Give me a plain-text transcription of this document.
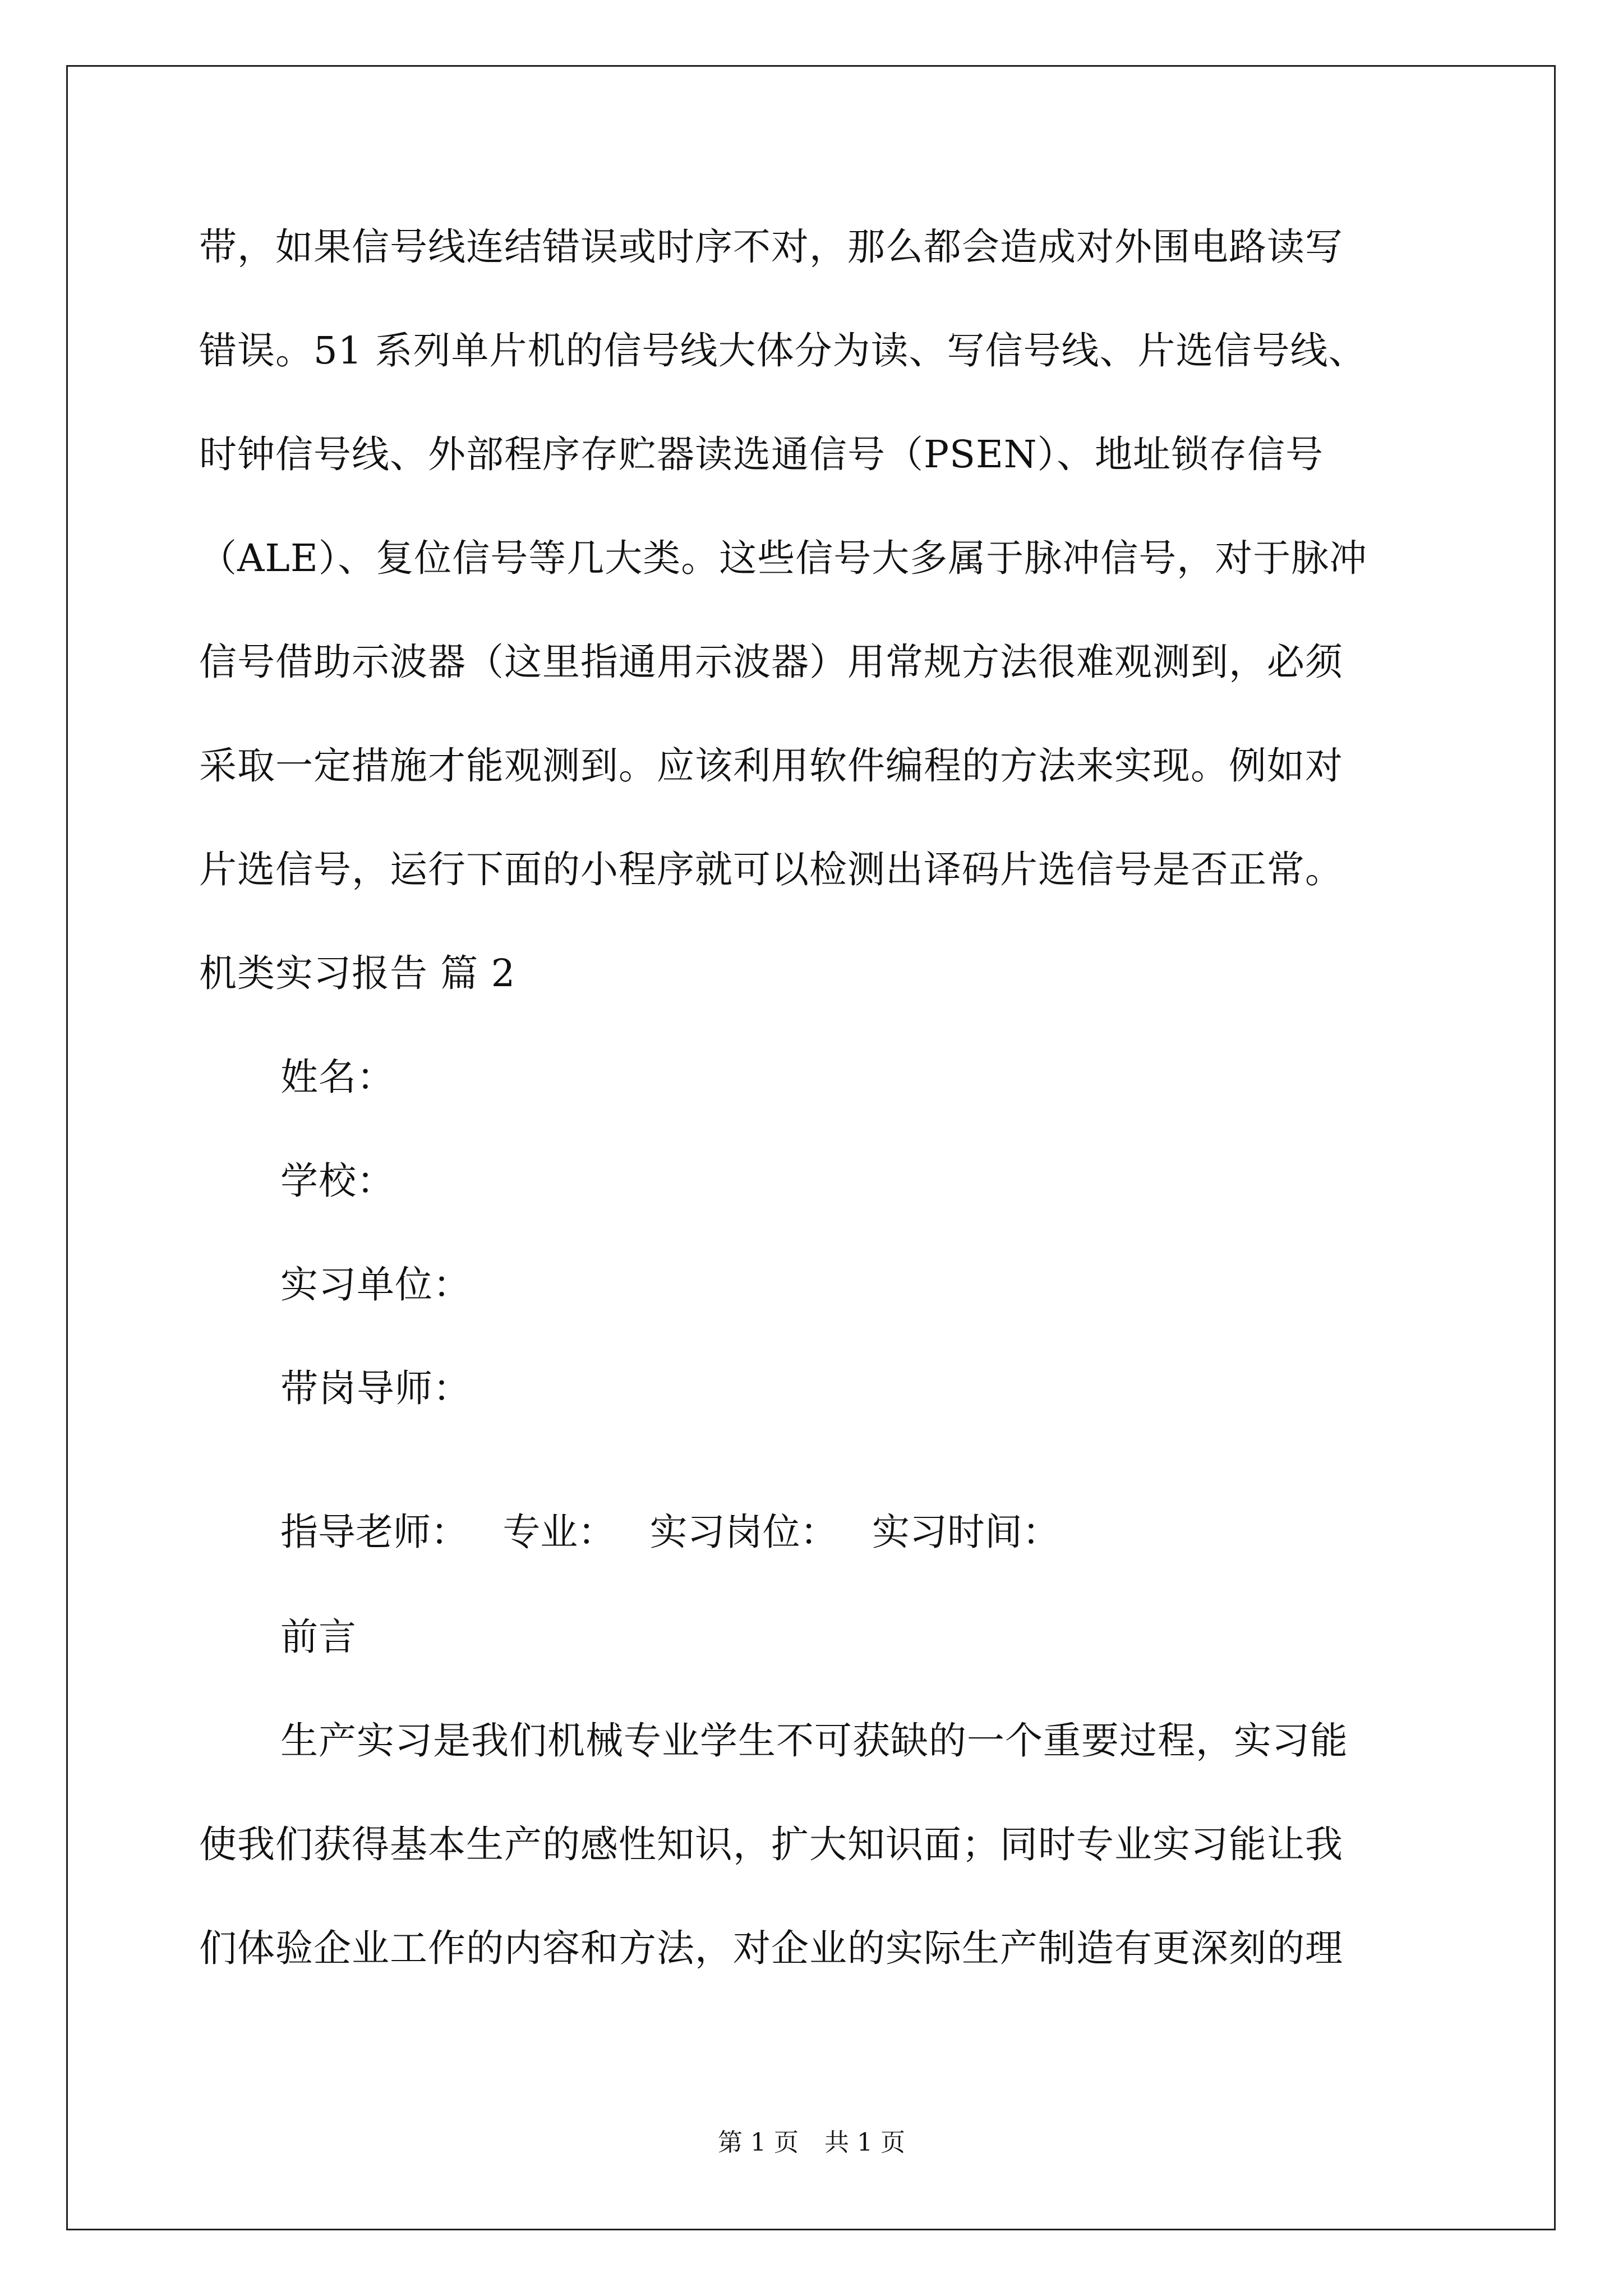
带，如果信号线连结错误或时序不对，那么都会造成对外围电路读写
错误。51 系列单片机的信号线大体分为读、写信号线、片选信号线、
时钟信号线、外部程序存贮器读选通信号（PSEN）、地址锁存信号
（ALE）、复位信号等几大类。这些信号大多属于脉冲信号，对于脉冲
信号借助示波器（这里指通用示波器）用常规方法很难观测到，必须
采取一定措施才能观测到。应该利用软件编程的方法来实现。例如对
片选信号，运行下面的小程序就可以检测出译码片选信号是否正常。
机类实习报告 篇 2
姓名：
学校：
实习单位：
带岗导师：
指导老师： 专业： 实习岗位： 实习时间：
前言
生产实习是我们机械专业学生不可获缺的一个重要过程，实习能
使我们获得基本生产的感性知识，扩大知识面；同时专业实习能让我
们体验企业工作的内容和方法，对企业的实际生产制造有更深刻的理
第 1 页 共 1 页
